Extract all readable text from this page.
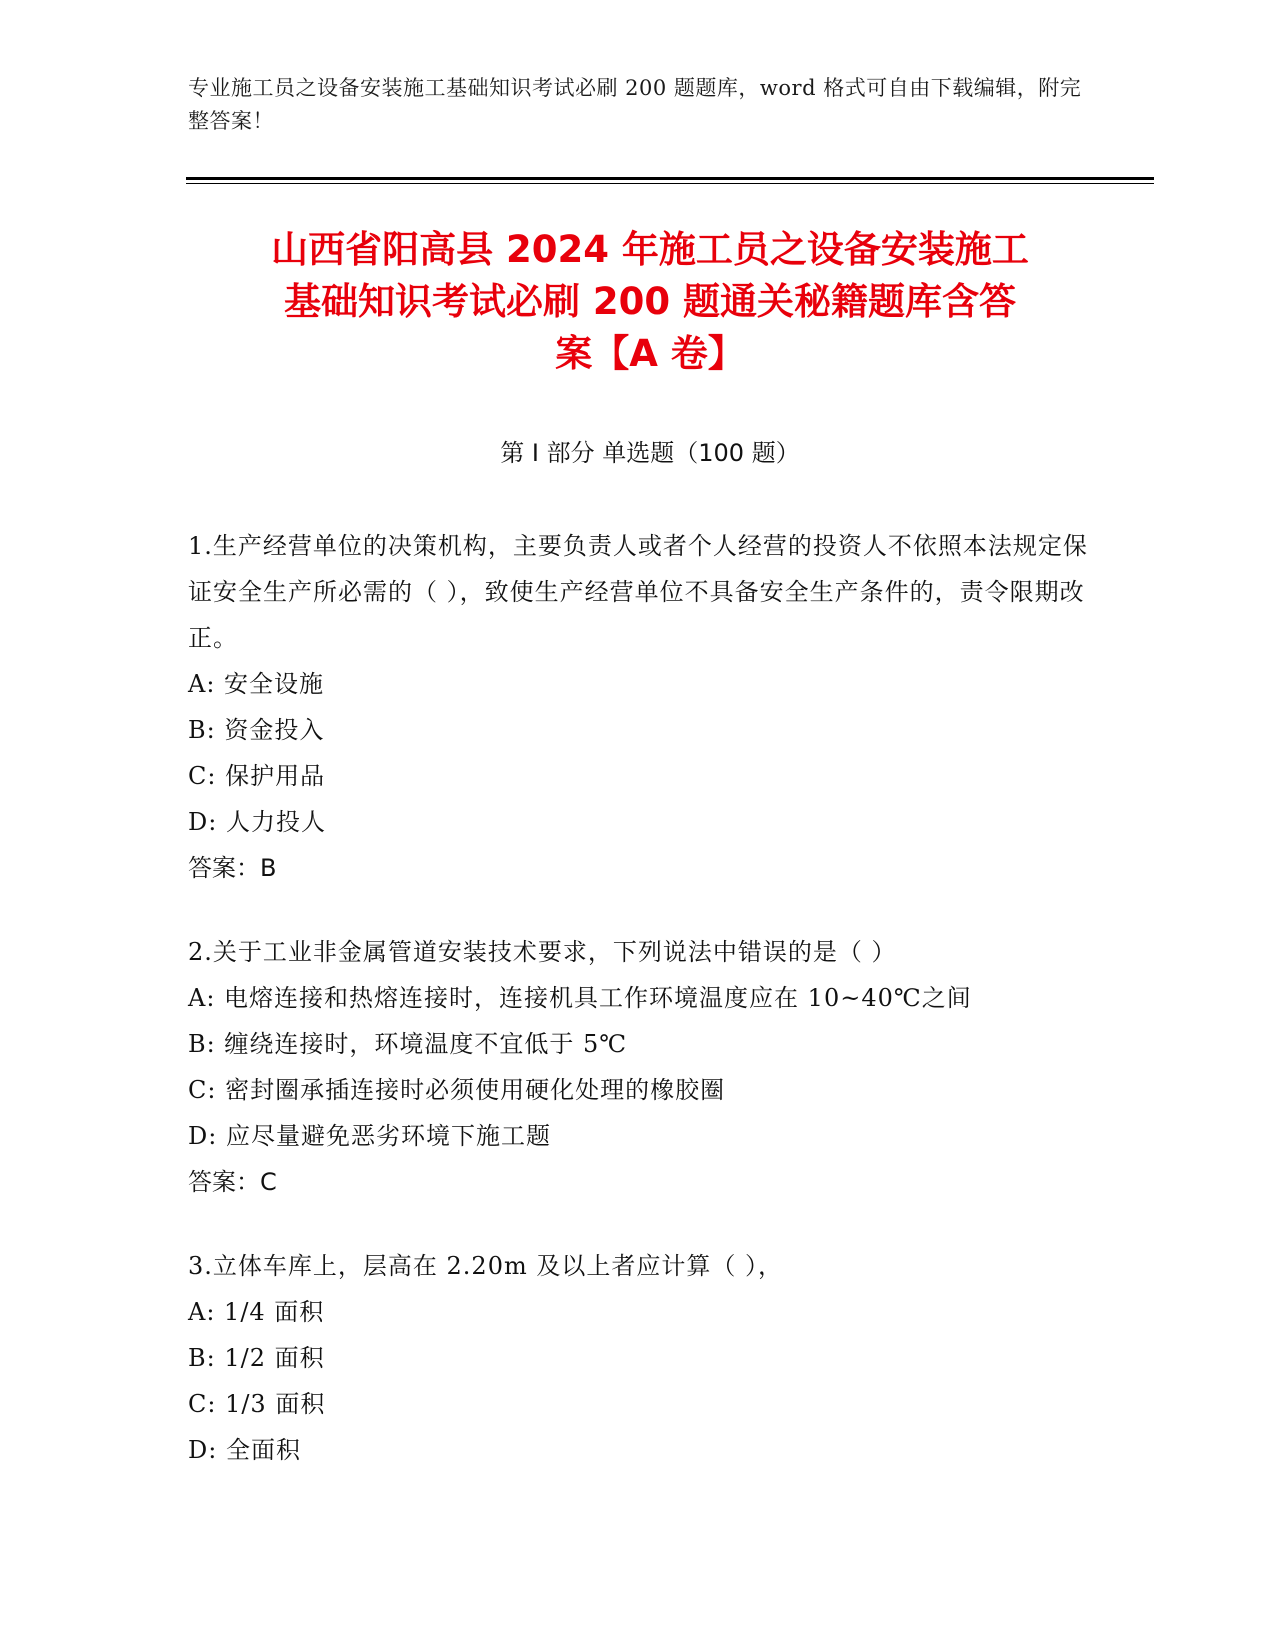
专业施工员之设备安装施工基础知识考试必刷 200 题题库，word 格式可自由下载编辑，附完整答案！
山西省阳高县 2024 年施工员之设备安装施工
基础知识考试必刷 200 题通关秘籍题库含答
案【A 卷】
第 I 部分 单选题（100 题）
1.生产经营单位的决策机构，主要负责人或者个人经营的投资人不依照本法规定保证安全生产所必需的（ ），致使生产经营单位不具备安全生产条件的，责令限期改正。
A: 安全设施
B: 资金投入
C: 保护用品
D: 人力投人
答案：B
2.关于工业非金属管道安装技术要求，下列说法中错误的是（ ）
A: 电熔连接和热熔连接时，连接机具工作环境温度应在 10~40℃之间
B: 缠绕连接时，环境温度不宜低于 5℃
C: 密封圈承插连接时必须使用硬化处理的橡胶圈
D: 应尽量避免恶劣环境下施工题
答案：C
3.立体车库上，层高在 2.20m 及以上者应计算（ ），
A: 1/4 面积
B: 1/2 面积
C: 1/3 面积
D: 全面积
